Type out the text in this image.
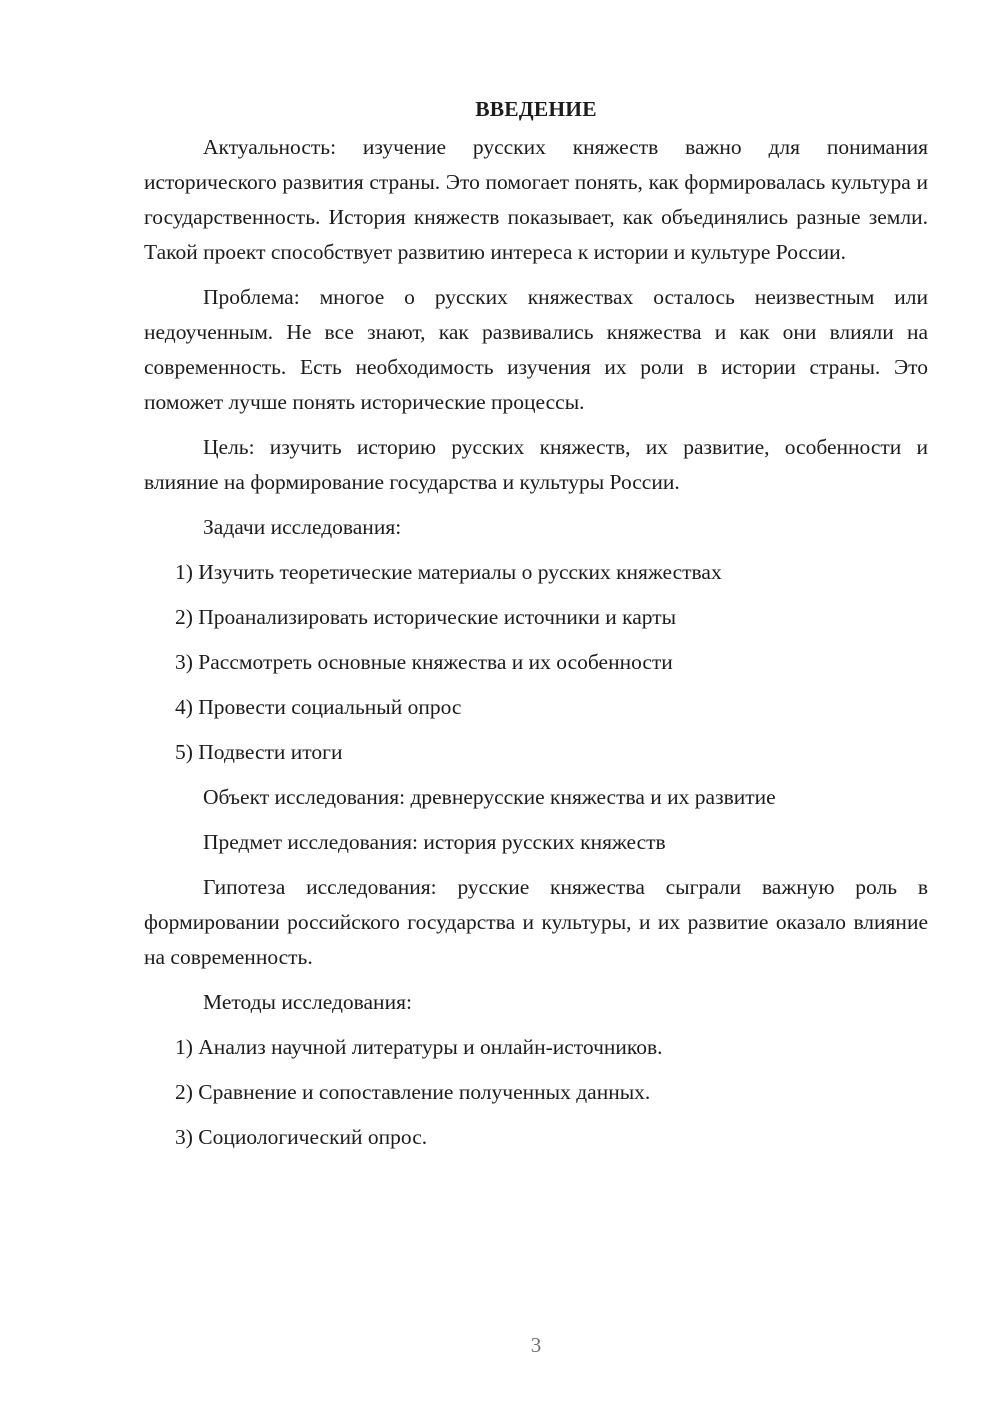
ВВЕДЕНИЕ

Актуальность: изучение русских княжеств важно для понимания исторического развития страны. Это помогает понять, как формировалась культура и государственность. История княжеств показывает, как объединялись разные земли. Такой проект способствует развитию интереса к истории и культуре России.

Проблема: многое о русских княжествах осталось неизвестным или недоученным. Не все знают, как развивались княжества и как они влияли на современность. Есть необходимость изучения их роли в истории страны. Это поможет лучше понять исторические процессы.

Цель: изучить историю русских княжеств, их развитие, особенности и влияние на формирование государства и культуры России.

Задачи исследования:

1) Изучить теоретические материалы о русских княжествах
2) Проанализировать исторические источники и карты
3) Рассмотреть основные княжества и их особенности
4) Провести социальный опрос
5) Подвести итоги

Объект исследования: древнерусские княжества и их развитие

Предмет исследования: история русских княжеств

Гипотеза исследования: русские княжества сыграли важную роль в формировании российского государства и культуры, и их развитие оказало влияние на современность.

Методы исследования:

1) Анализ научной литературы и онлайн-источников.
2) Сравнение и сопоставление полученных данных.
3) Социологический опрос.
3
